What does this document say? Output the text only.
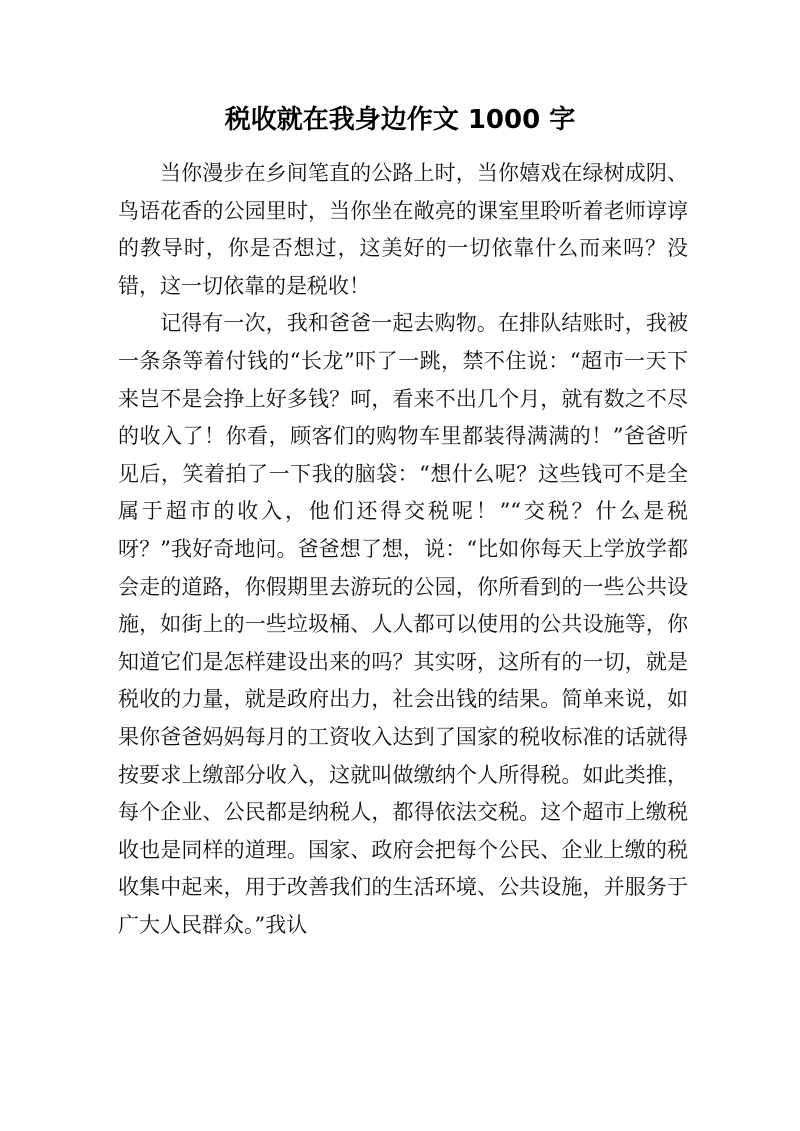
税收就在我身边作文 1000 字

当你漫步在乡间笔直的公路上时，当你嬉戏在绿树成阴、鸟语花香的公园里时，当你坐在敞亮的课室里聆听着老师谆谆的教导时，你是否想过，这美好的一切依靠什么而来吗？没错，这一切依靠的是税收！

记得有一次，我和爸爸一起去购物。在排队结账时，我被一条条等着付钱的“长龙”吓了一跳，禁不住说：“超市一天下来岂不是会挣上好多钱？呵，看来不出几个月，就有数之不尽的收入了！你看，顾客们的购物车里都装得满满的！”爸爸听见后，笑着拍了一下我的脑袋：“想什么呢？这些钱可不是全属于超市的收入，他们还得交税呢！”“交税？什么是税呀？”我好奇地问。爸爸想了想，说：“比如你每天上学放学都会走的道路，你假期里去游玩的公园，你所看到的一些公共设施，如街上的一些垃圾桶、人人都可以使用的公共设施等，你知道它们是怎样建设出来的吗？其实呀，这所有的一切，就是税收的力量，就是政府出力，社会出钱的结果。简单来说，如果你爸爸妈妈每月的工资收入达到了国家的税收标准的话就得按要求上缴部分收入，这就叫做缴纳个人所得税。如此类推，每个企业、公民都是纳税人，都得依法交税。这个超市上缴税收也是同样的道理。国家、政府会把每个公民、企业上缴的税收集中起来，用于改善我们的生活环境、公共设施，并服务于广大人民群众。”我认
